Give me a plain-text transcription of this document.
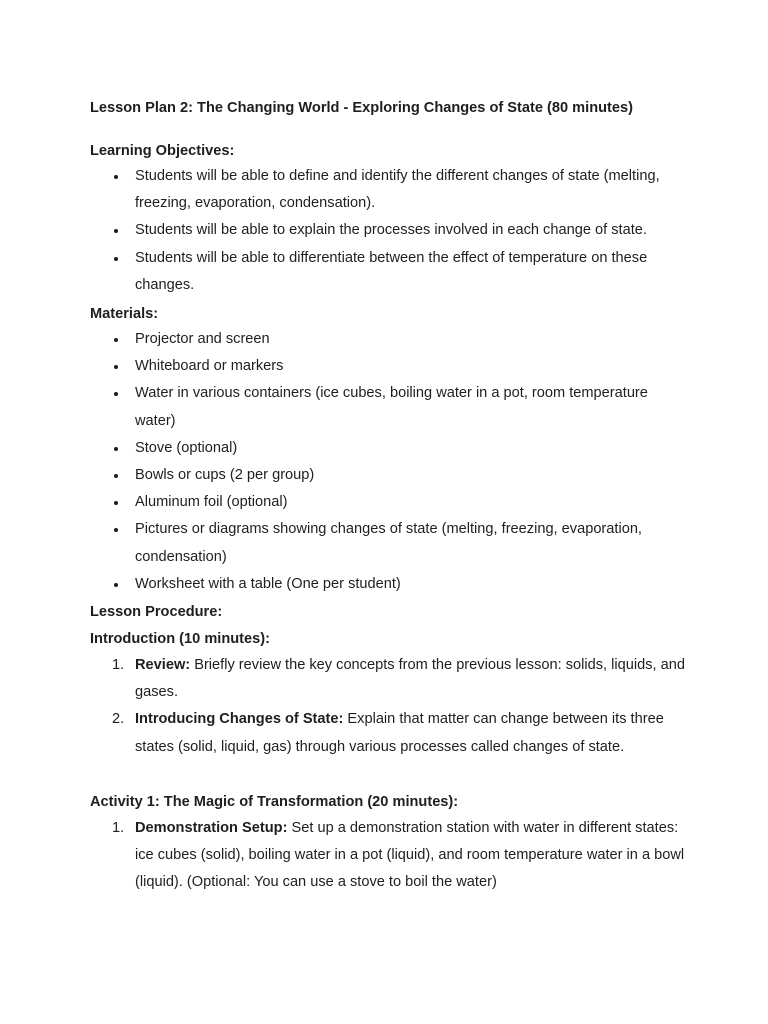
Lesson Plan 2: The Changing World - Exploring Changes of State (80 minutes)
Learning Objectives:
Students will be able to define and identify the different changes of state (melting, freezing, evaporation, condensation).
Students will be able to explain the processes involved in each change of state.
Students will be able to differentiate between the effect of temperature on these changes.
Materials:
Projector and screen
Whiteboard or markers
Water in various containers (ice cubes, boiling water in a pot, room temperature water)
Stove (optional)
Bowls or cups (2 per group)
Aluminum foil (optional)
Pictures or diagrams showing changes of state (melting, freezing, evaporation, condensation)
Worksheet with a table (One per student)
Lesson Procedure:
Introduction (10 minutes):
1. Review: Briefly review the key concepts from the previous lesson: solids, liquids, and gases.
2. Introducing Changes of State: Explain that matter can change between its three states (solid, liquid, gas) through various processes called changes of state.
Activity 1: The Magic of Transformation (20 minutes):
1. Demonstration Setup: Set up a demonstration station with water in different states: ice cubes (solid), boiling water in a pot (liquid), and room temperature water in a bowl (liquid). (Optional: You can use a stove to boil the water)
